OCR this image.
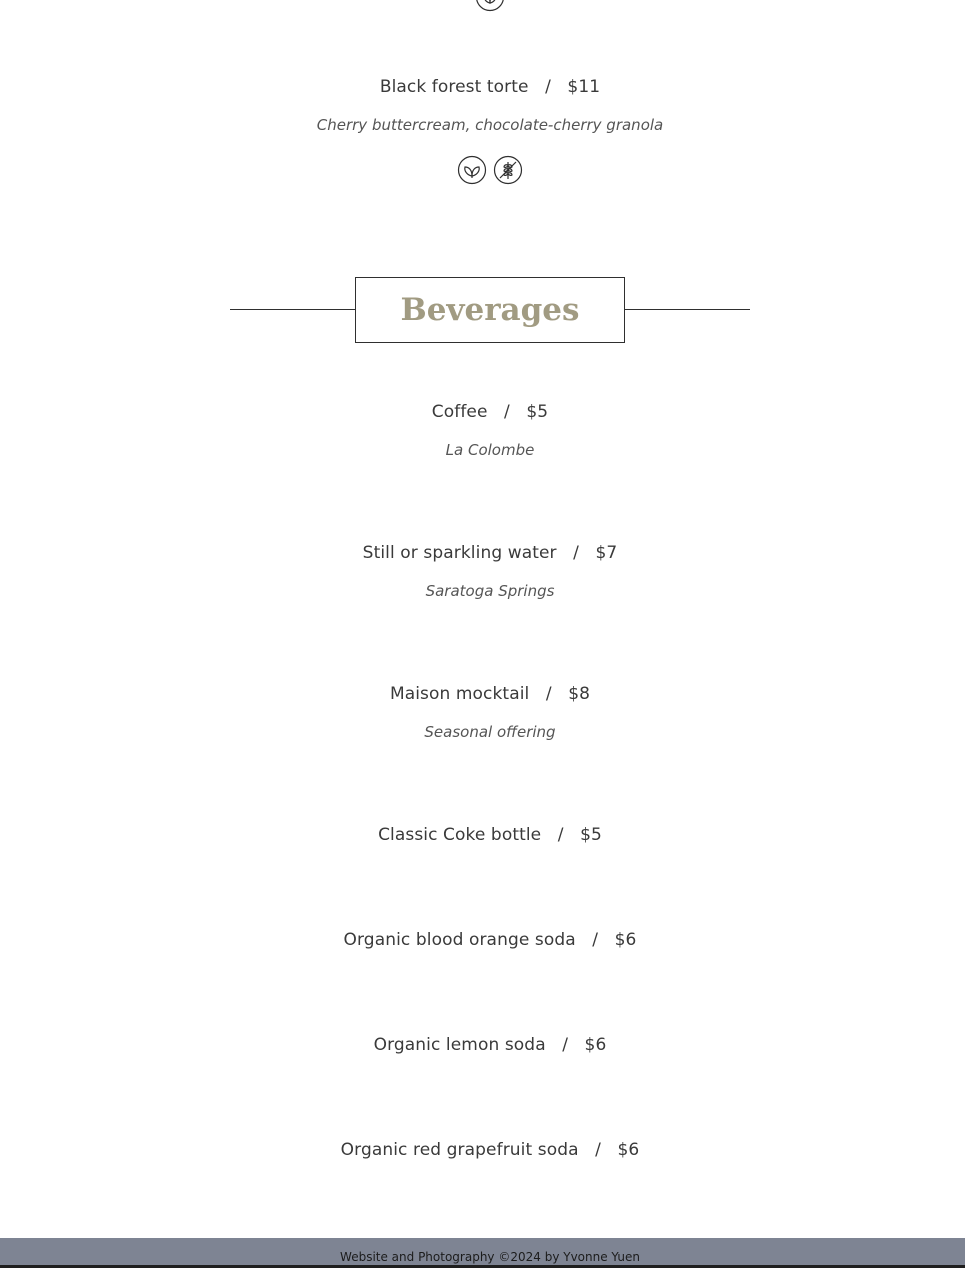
Black forest torte   /   $11
Cherry buttercream, chocolate-cherry granola
Beverages
Coffee   /   $5
La Colombe
Still or sparkling water   /   $7
Saratoga Springs
Maison mocktail   /   $8
Seasonal offering
Classic Coke bottle   /   $5
Organic blood orange soda   /   $6
Organic lemon soda   /   $6
Organic red grapefruit soda   /   $6
Website and Photography ©2024 by Yvonne Yuen
